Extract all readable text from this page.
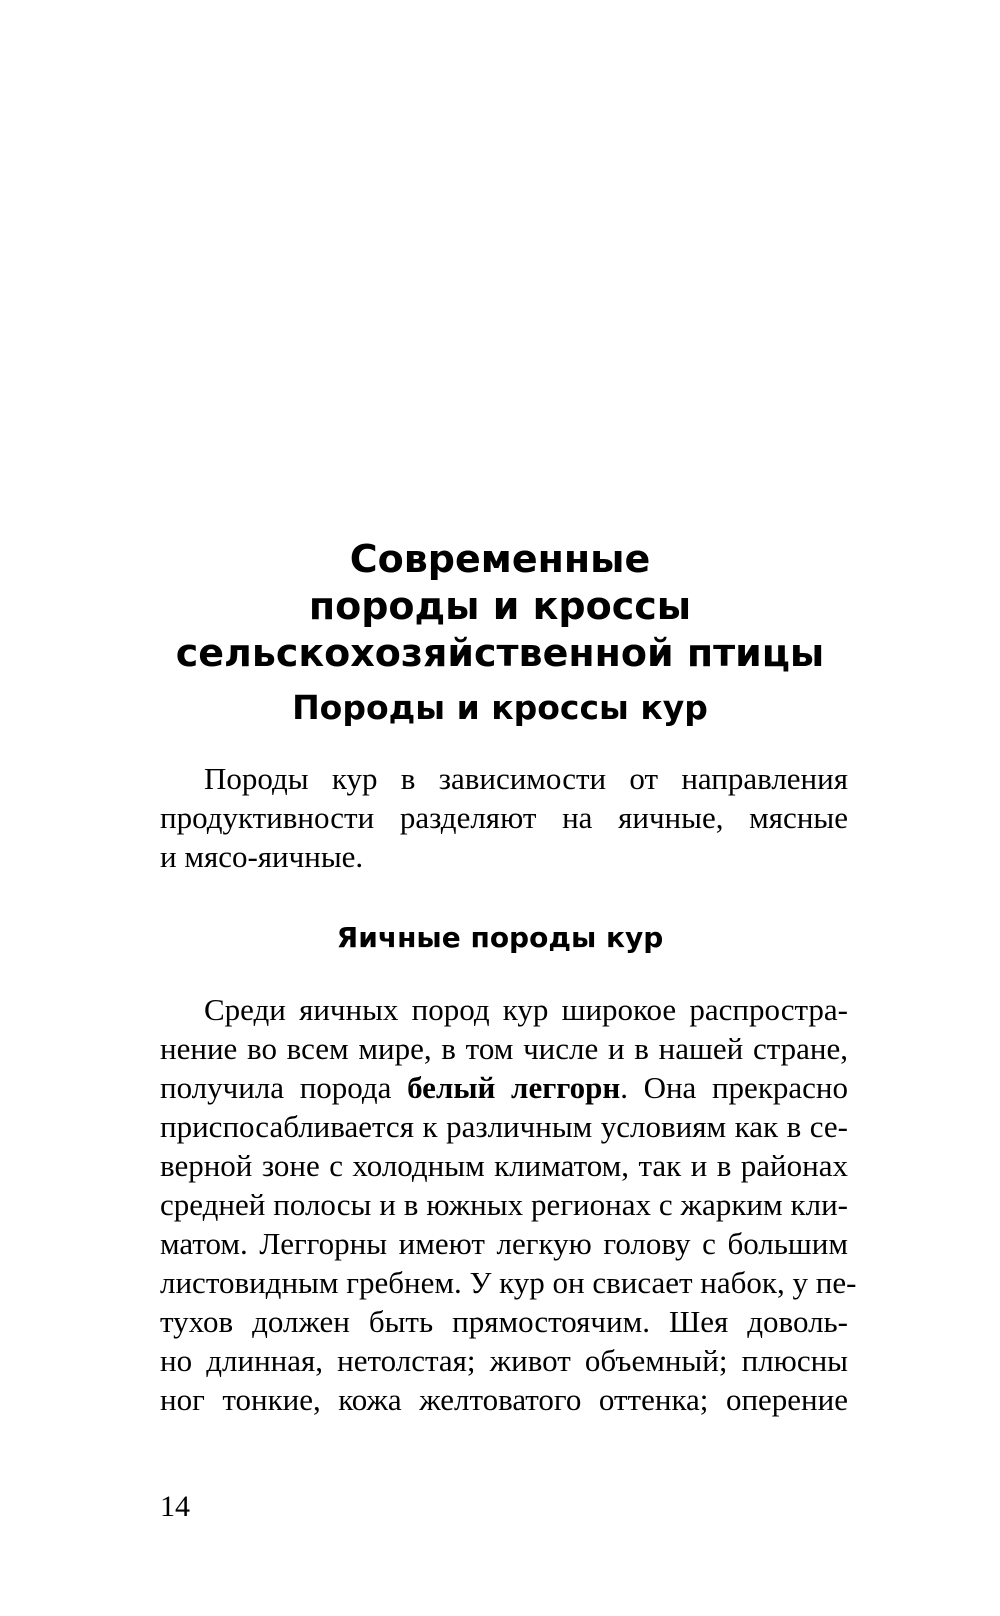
Современные
породы и кроссы
сельскохозяйственной птицы
Породы и кроссы кур

Породы кур в зависимости от направления
продуктивности разделяют на яичные, мясные
и мясо-яичные.

Яичные породы кур

Среди яичных пород кур широкое распростра-
нение во всем мире, в том числе и в нашей стране,
получила порода белый леггорн. Она прекрасно
приспосабливается к различным условиям как в се-
верной зоне с холодным климатом, так и в районах
средней полосы и в южных регионах с жарким кли-
матом. Леггорны имеют легкую голову с большим
листовидным гребнем. У кур он свисает набок, у пе-
тухов должен быть прямостоячим. Шея доволь-
но длинная, нетолстая; живот объемный; плюсны
ног тонкие, кожа желтоватого оттенка; оперение

14
